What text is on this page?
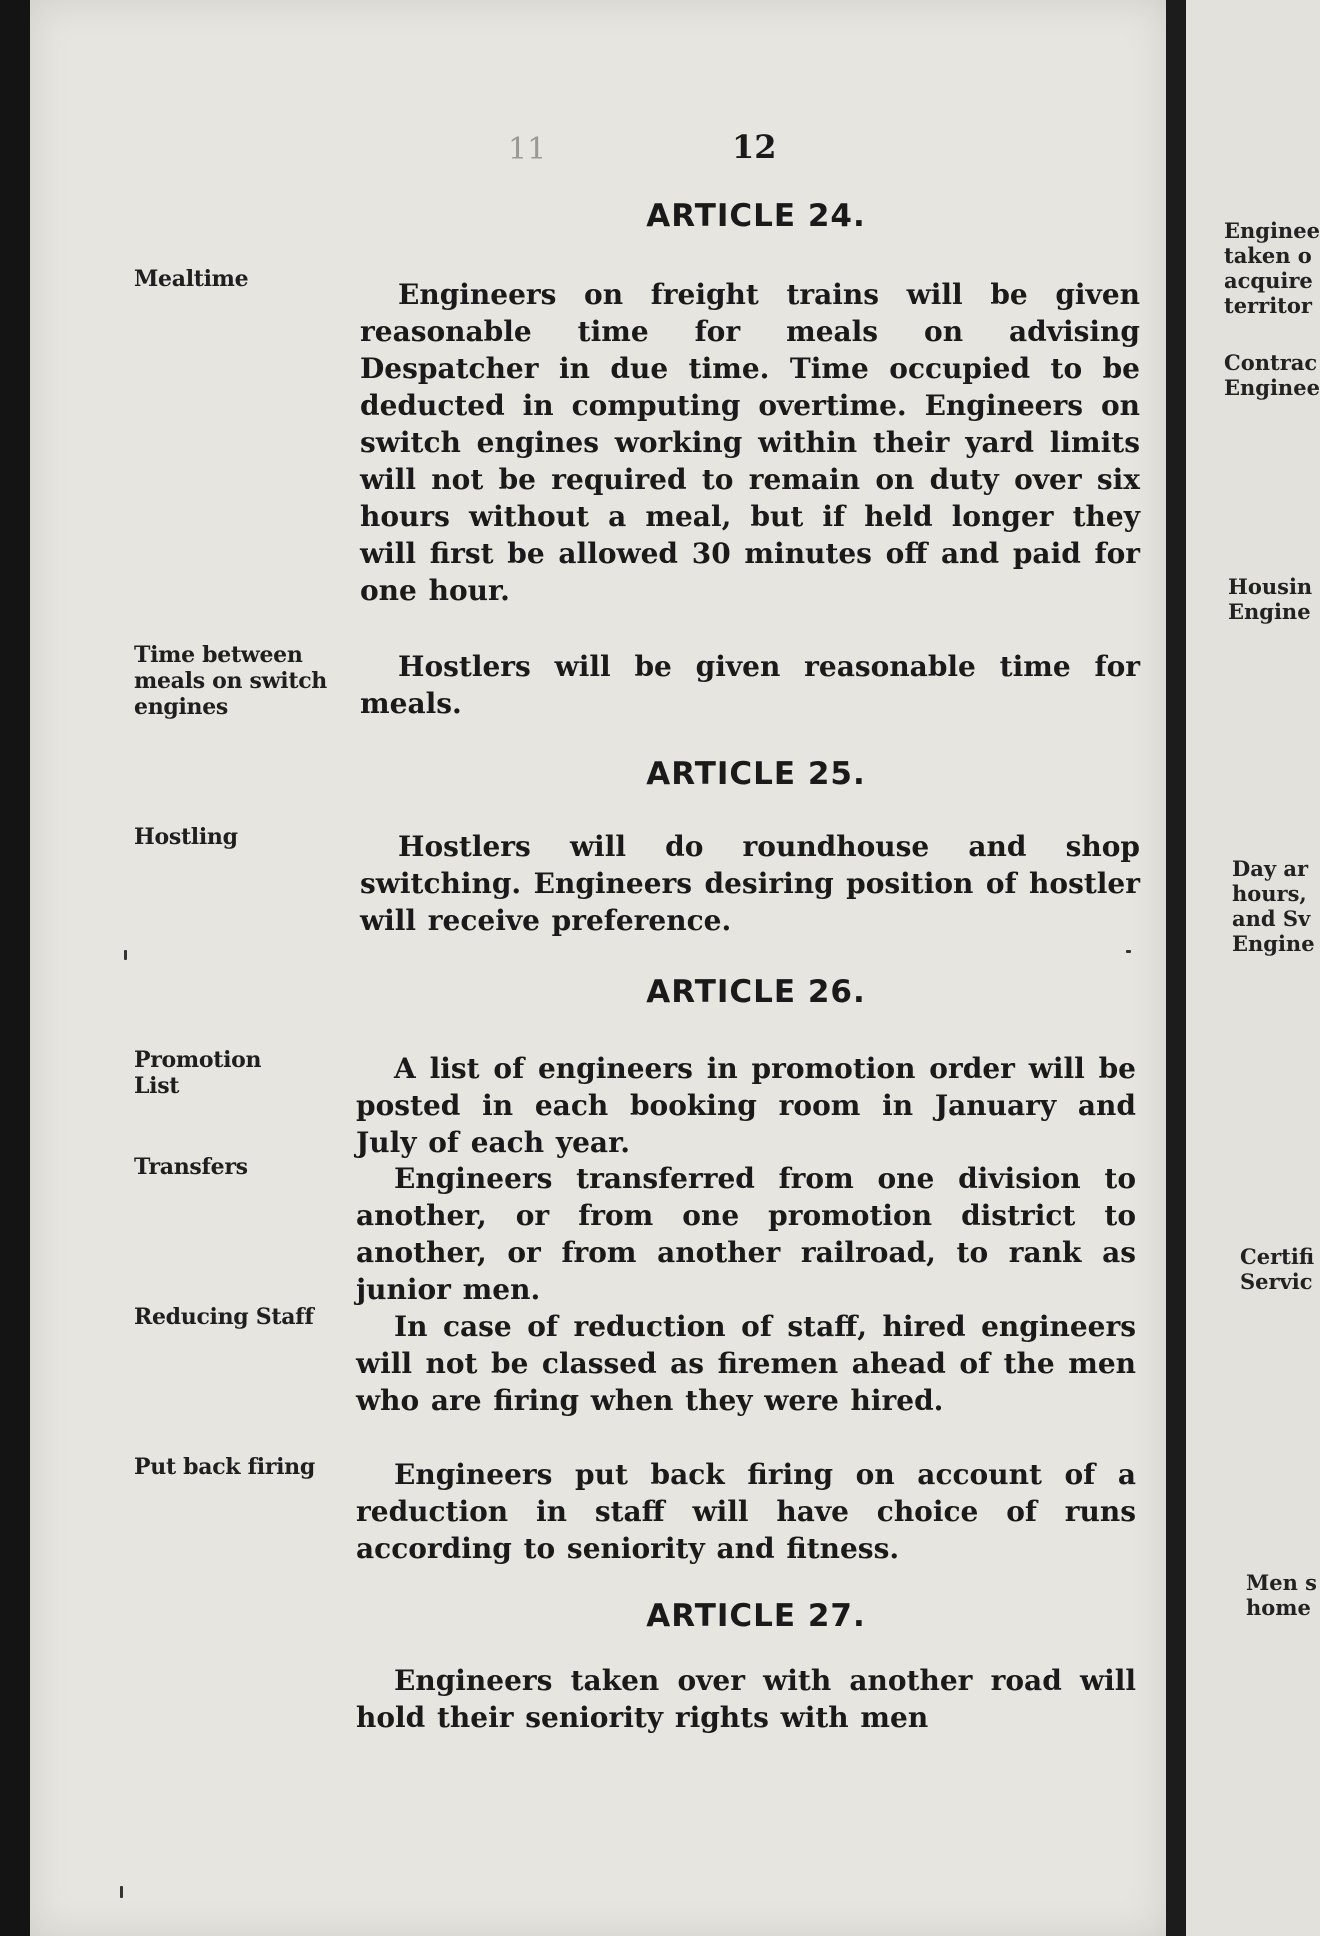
11	12
ARTICLE 24.
Mealtime	Engineers on freight trains will be given reasonable time for meals on advising Despatcher in due time. Time occupied to be deducted in computing overtime. Engineers on switch engines working within their yard limits will not be required to remain on duty over six hours without a meal, but if held longer they will first be allowed 30 minutes off and paid for one hour.
Time between meals on switch engines
Hostlers will be given reasonable time for meals.
ARTICLE 25.
Hostling	Hostlers will do roundhouse and shop switching. Engineers desiring position of hostler will receive preference.
ARTICLE 26.
Promotion List
A list of engineers in promotion order will be posted in each booking room in January and July of each year.
Transfers	Engineers transferred from one division to another, or from one promotion district to another, or from another railroad, to rank as junior men.
Reducing Staff	In case of reduction of staff, hired engineers will not be classed as firemen ahead of the men who are firing when they were hired.
Put back firing	Engineers put back firing on account of a reduction in staff will have choice of runs according to seniority and fitness.
ARTICLE 27.
Engineers taken over with another road will hold their seniority rights with men
Enginee
taken o
acquire
territor
Contrac
Enginee
Housin
Engine
Day ar
hours,
and Sv
Engine
Certifi
Servic
Men s
home
